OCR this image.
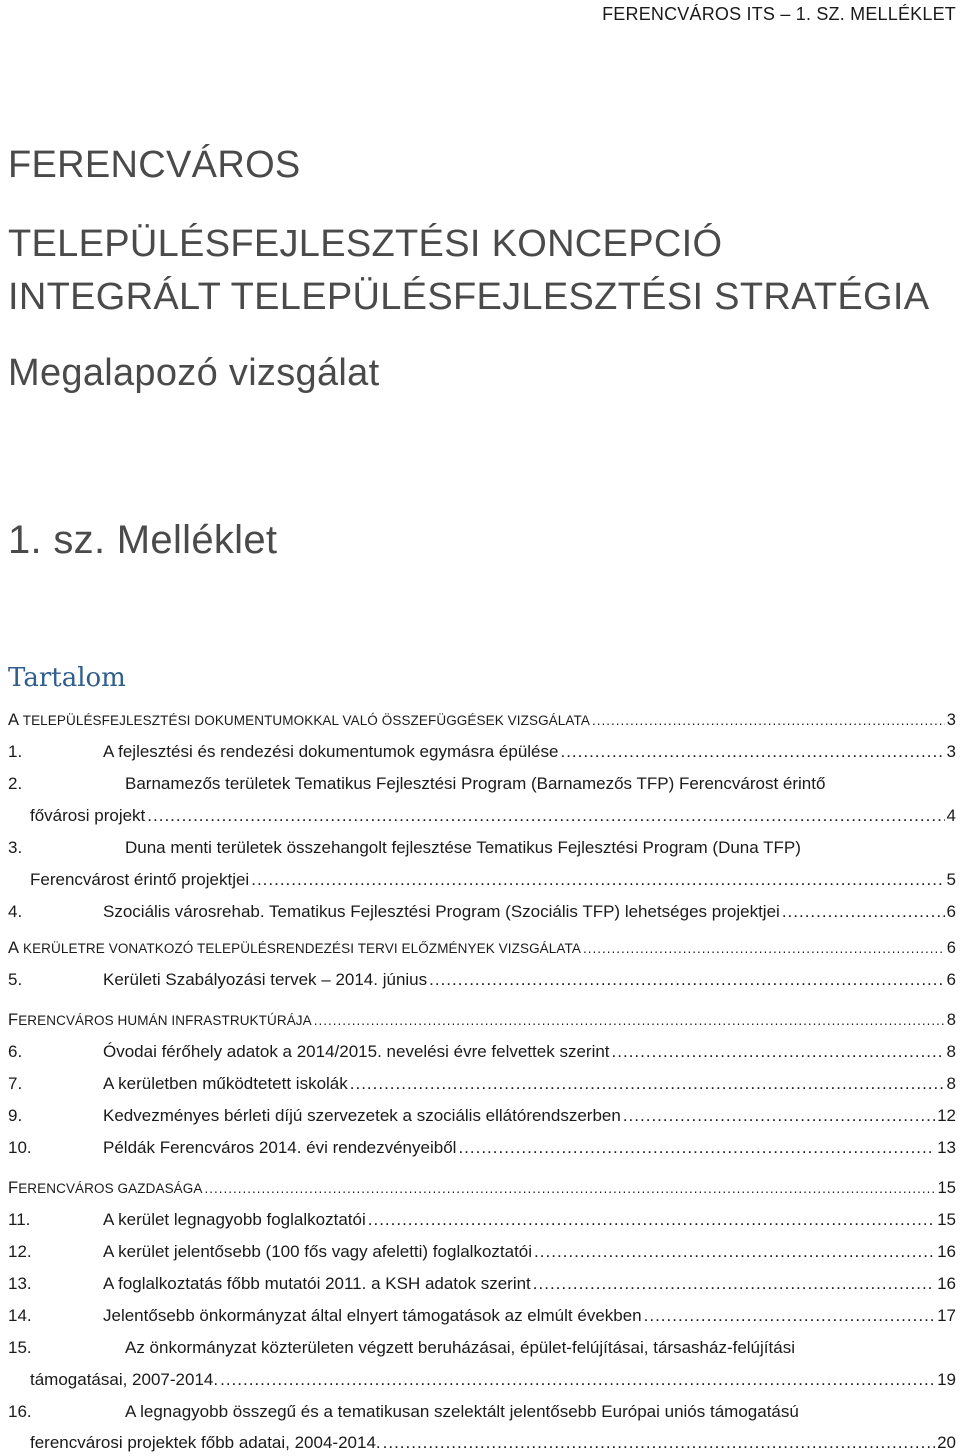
FERENCVÁROS ITS – 1. SZ. MELLÉKLET
FERENCVÁROS
TELEPÜLÉSFEJLESZTÉSI KONCEPCIÓ
INTEGRÁLT TELEPÜLÉSFEJLESZTÉSI STRATÉGIA
Megalapozó vizsgálat
1. sz. Melléklet
Tartalom
A TELEPÜLÉSFEJLESZTÉSI DOKUMENTUMOKKAL VALÓ ÖSSZEFÜGGÉSEK VIZSGÁLATA .....	3
1.	A fejlesztési és rendezési dokumentumok egymásra épülése .....	3
2.	Barnamezős területek Tematikus Fejlesztési Program (Barnamezős TFP) Ferencvárost érintő
fővárosi projekt .....	4
3.	Duna menti területek összehangolt fejlesztése Tematikus Fejlesztési Program (Duna TFP)
Ferencvárost érintő projektjei .....	5
4.	Szociális városrehab. Tematikus Fejlesztési Program (Szociális TFP) lehetséges projektjei .....	6
A KERÜLETRE VONATKOZÓ TELEPÜLÉSRENDEZÉSI TERVI ELŐZMÉNYEK VIZSGÁLATA .....	6
5.	Kerületi Szabályozási tervek – 2014. június .....	6
FERENCVÁROS HUMÁN INFRASTRUKTÚRÁJA .....	8
6.	Óvodai férőhely adatok a 2014/2015. nevelési évre felvettek szerint .....	8
7.	A kerületben működtetett iskolák .....	8
9.	Kedvezményes bérleti díjú szervezetek a szociális ellátórendszerben .....	12
10.	Példák Ferencváros 2014. évi rendezvényeiből .....	13
FERENCVÁROS GAZDASÁGA .....	15
11.	A kerület legnagyobb foglalkoztatói .....	15
12.	A kerület jelentősebb (100 fős vagy afeletti) foglalkoztatói .....	16
13.	A foglalkoztatás főbb mutatói 2011. a KSH adatok szerint .....	16
14.	Jelentősebb önkormányzat által elnyert támogatások az elmúlt években .....	17
15.	Az önkormányzat közterületen végzett beruházásai, épület-felújításai, társasház-felújítási
támogatásai, 2007-2014. .....	19
16.	A legnagyobb összegű és a tematikusan szelektált jelentősebb Európai uniós támogatású
ferencvárosi projektek főbb adatai, 2004-2014. .....	20
